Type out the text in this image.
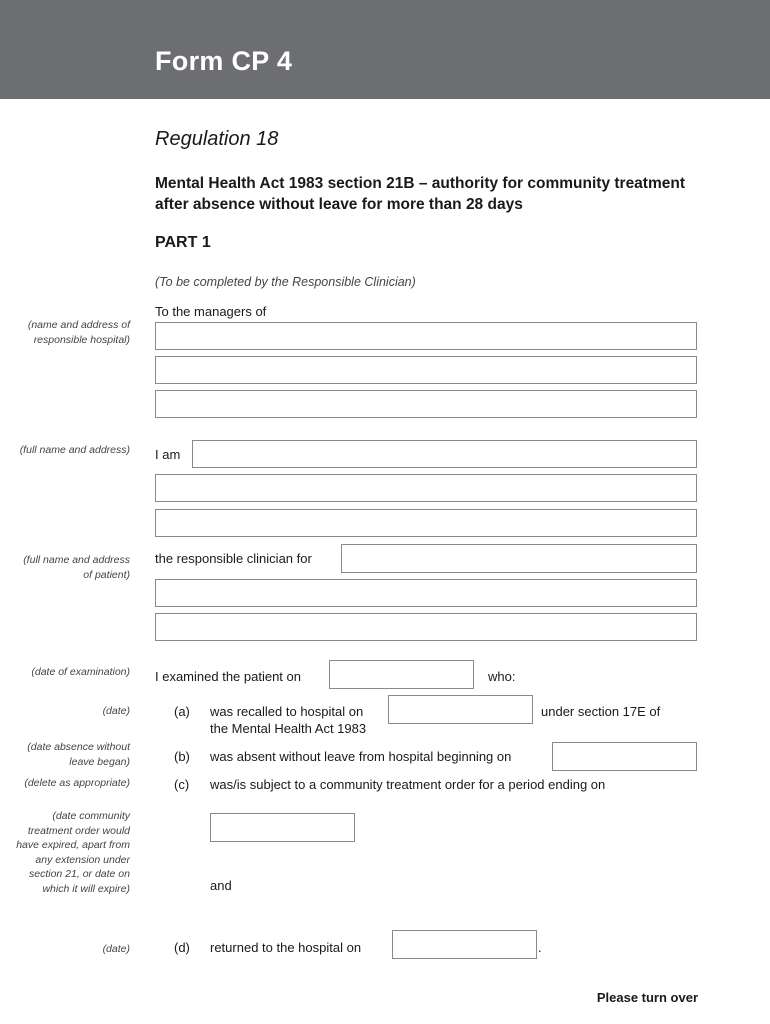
Form CP 4
Regulation 18
Mental Health Act 1983 section 21B – authority for community treatment after absence without leave for more than 28 days
PART 1
(To be completed by the Responsible Clinician)
To the managers of
(name and address of responsible hospital)
(full name and address) I am
(full name and address of patient)
the responsible clinician for
(date of examination) I examined the patient on	who:
(date)	(a) was recalled to hospital on	under section 17E of
the Mental Health Act 1983
(date absence without leave began)	(b) was absent without leave from hospital beginning on
(delete as appropriate)	(c) was/is subject to a community treatment order for a period ending on
(date community treatment order would have expired, apart from any extension under section 21, or date on which it will expire)	and
(date)	(d) returned to the hospital on	.
Please turn over
